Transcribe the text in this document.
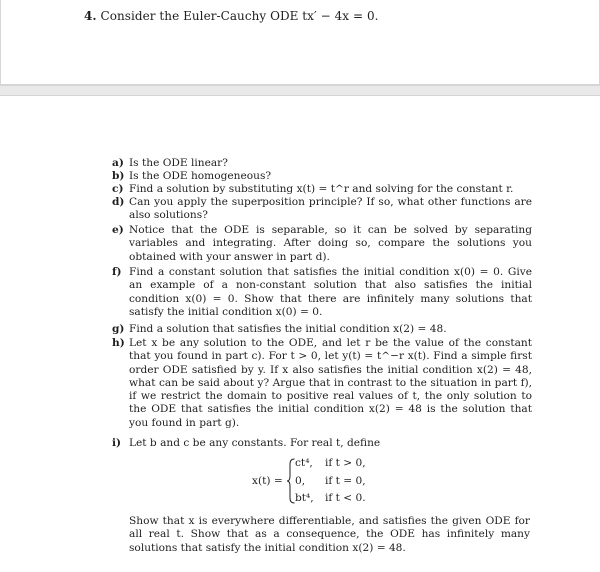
4. Consider the Euler-Cauchy ODE tx′ − 4x = 0.
a) Is the ODE linear?
b) Is the ODE homogeneous?
c) Find a solution by substituting x(t) = t^r and solving for the constant r.
d) Can you apply the superposition principle? If so, what other functions are also solutions?
e) Notice that the ODE is separable, so it can be solved by separating variables and integrating. After doing so, compare the solutions you obtained with your answer in part d).
f) Find a constant solution that satisfies the initial condition x(0) = 0. Give an example of a non-constant solution that also satisfies the initial condition x(0) = 0. Show that there are infinitely many solutions that satisfy the initial condition x(0) = 0.
g) Find a solution that satisfies the initial condition x(2) = 48.
h) Let x be any solution to the ODE, and let r be the value of the constant that you found in part c). For t > 0, let y(t) = t^−r x(t). Find a simple first order ODE satisfied by y. If x also satisfies the initial condition x(2) = 48, what can be said about y? Argue that in contrast to the situation in part f), if we restrict the domain to positive real values of t, the only solution to the ODE that satisfies the initial condition x(2) = 48 is the solution that you found in part g).
i) Let b and c be any constants. For real t, define
x(t) =
ct⁴, if t > 0,
0, if t = 0,
bt⁴, if t < 0.
Show that x is everywhere differentiable, and satisfies the given ODE for all real t. Show that as a consequence, the ODE has infinitely many solutions that satisfy the initial condition x(2) = 48.
